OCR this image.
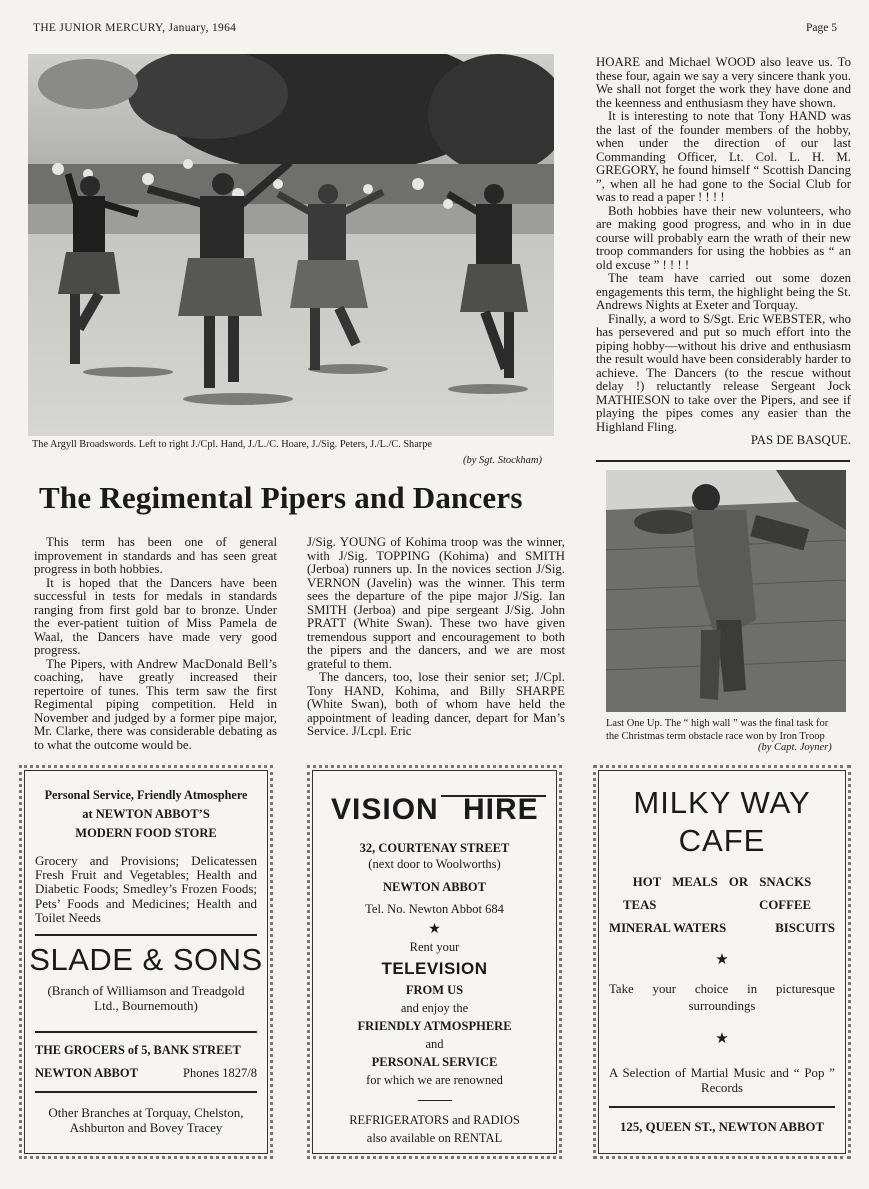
THE JUNIOR MERCURY, January, 1964	Page 5
The Argyll Broadswords. Left to right J./Cpl. Hand, J./L./C. Hoare, J./Sig. Peters, J./L./C. Sharpe
(by Sgt. Stockham)

HOARE and Michael WOOD also leave us. To these four, again we say a very sincere thank you. We shall not forget the work they have done and the keenness and enthusiasm they have shown.

It is interesting to note that Tony HAND was the last of the founder members of the hobby, when under the direction of our last Commanding Officer, Lt. Col. L. H. M. GREGORY, he found himself “ Scottish Dancing ”, when all he had gone to the Social Club for was to read a paper ! ! ! !

Both hobbies have their new volunteers, who are making good progress, and who in in due course will probably earn the wrath of their new troop commanders for using the hobbies as “ an old excuse ” ! ! ! !

The team have carried out some dozen engagements this term, the highlight being the St. Andrews Nights at Exeter and Torquay.

Finally, a word to S/Sgt. Eric WEBSTER, who has persevered and put so much effort into the piping hobby—without his drive and enthusiasm the result would have been considerably harder to achieve. The Dancers (to the rescue without delay !) reluctantly release Sergeant Jock MATHIESON to take over the Pipers, and see if playing the pipes comes any easier than the Highland Fling.

PAS DE BASQUE.

The Regimental Pipers and Dancers

This term has been one of general improvement in standards and has seen great progress in both hobbies.

It is hoped that the Dancers have been successful in tests for medals in standards ranging from first gold bar to bronze. Under the ever-patient tuition of Miss Pamela de Waal, the Dancers have made very good progress.

The Pipers, with Andrew MacDonald Bell’s coaching, have greatly increased their repertoire of tunes. This term saw the first Regimental piping competition. Held in November and judged by a former pipe major, Mr. Clarke, there was considerable debating as to what the outcome would be.

J/Sig. YOUNG of Kohima troop was the winner, with J/Sig. TOPPING (Kohima) and SMITH (Jerboa) runners up. In the novices section J/Sig. VERNON (Javelin) was the winner. This term sees the departure of the pipe major J/Sig. Ian SMITH (Jerboa) and pipe sergeant J/Sig. John PRATT (White Swan). These two have given tremendous support and encouragement to both the pipers and the dancers, and we are most grateful to them.

The dancers, too, lose their senior set; J/Cpl. Tony HAND, Kohima, and Billy SHARPE (White Swan), both of whom have held the appointment of leading dancer, depart for Man’s Service. J/Lcpl. Eric

Last One Up. The “ high wall ” was the final task for the Christmas term obstacle race won by Iron Troop
(by Capt. Joyner)
Personal Service, Friendly Atmosphere
at NEWTON ABBOT’S
MODERN FOOD STORE
Grocery and Provisions; Delicatessen Fresh Fruit and Vegetables; Health and Diabetic Foods; Smedley’s Frozen Foods; Pets’ Foods and Medicines; Health and Toilet Needs
SLADE & SONS
(Branch of Williamson and Treadgold Ltd., Bournemouth)
THE GROCERS of 5, BANK STREET
NEWTON ABBOT	Phones 1827/8
Other Branches at Torquay, Chelston, Ashburton and Bovey Tracey
VISION HIRE
32, COURTENAY STREET
(next door to Woolworths)
NEWTON ABBOT
Tel. No. Newton Abbot 684
★
Rent your
TELEVISION
FROM US
and enjoy the
FRIENDLY ATMOSPHERE
and
PERSONAL SERVICE
for which we are renowned
REFRIGERATORS and RADIOS
also available on RENTAL
MILKY WAY
CAFE
HOT MEALS OR SNACKS
TEAS	COFFEE
MINERAL WATERS	BISCUITS
★
Take your choice in picturesque surroundings
★
A Selection of Martial Music and “ Pop ” Records
125, QUEEN ST., NEWTON ABBOT
